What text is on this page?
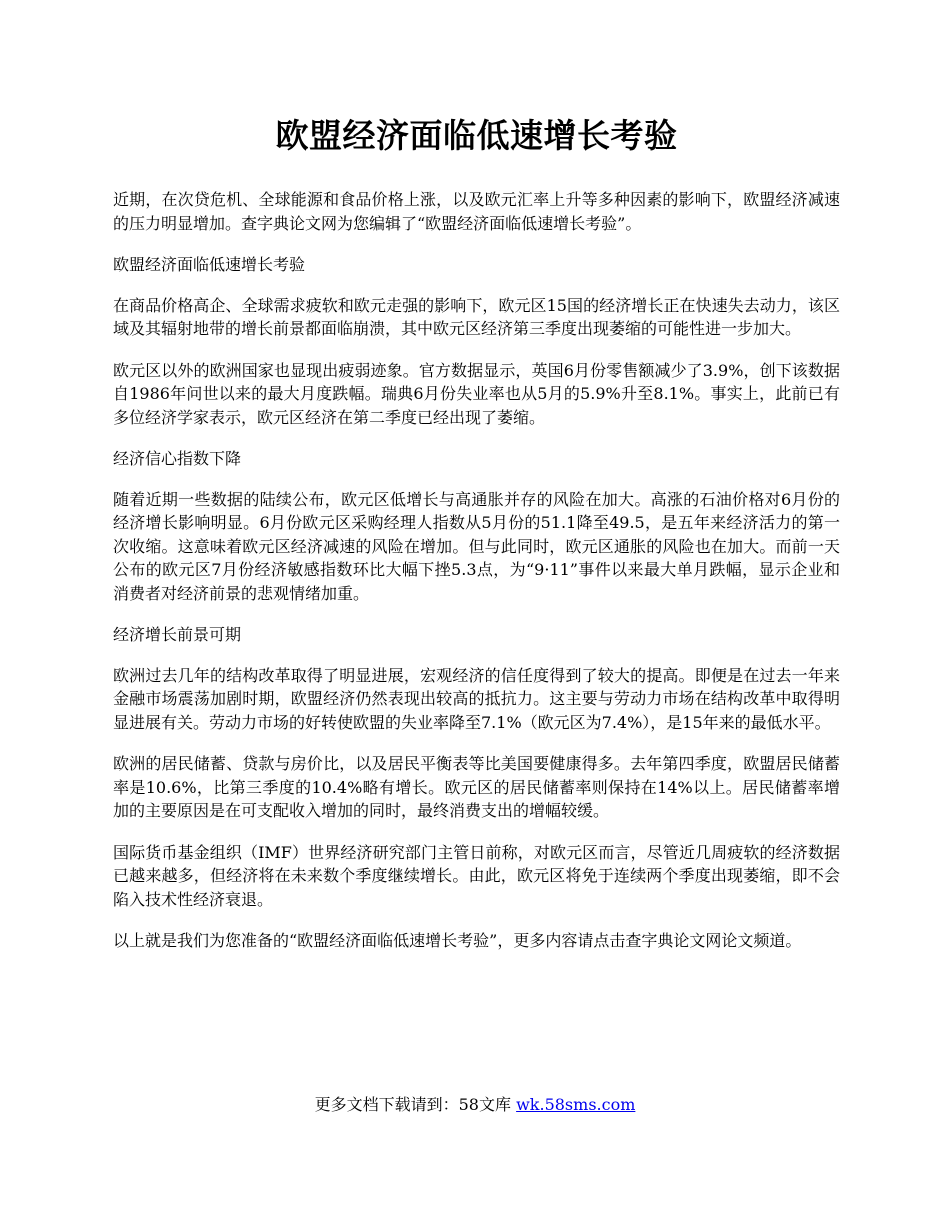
欧盟经济面临低速增长考验

近期，在次贷危机、全球能源和食品价格上涨，以及欧元汇率上升等多种因素的影响下，欧盟经济减速的压力明显增加。查字典论文网为您编辑了“欧盟经济面临低速增长考验”。

欧盟经济面临低速增长考验

在商品价格高企、全球需求疲软和欧元走强的影响下，欧元区15国的经济增长正在快速失去动力，该区域及其辐射地带的增长前景都面临崩溃，其中欧元区经济第三季度出现萎缩的可能性进一步加大。

欧元区以外的欧洲国家也显现出疲弱迹象。官方数据显示，英国6月份零售额减少了3.9%，创下该数据自1986年问世以来的最大月度跌幅。瑞典6月份失业率也从5月的5.9%升至8.1%。事实上，此前已有多位经济学家表示，欧元区经济在第二季度已经出现了萎缩。

经济信心指数下降

随着近期一些数据的陆续公布，欧元区低增长与高通胀并存的风险在加大。高涨的石油价格对6月份的经济增长影响明显。6月份欧元区采购经理人指数从5月份的51.1降至49.5，是五年来经济活力的第一次收缩。这意味着欧元区经济减速的风险在增加。但与此同时，欧元区通胀的风险也在加大。而前一天公布的欧元区7月份经济敏感指数环比大幅下挫5.3点，为“9·11”事件以来最大单月跌幅，显示企业和消费者对经济前景的悲观情绪加重。

经济增长前景可期

欧洲过去几年的结构改革取得了明显进展，宏观经济的信任度得到了较大的提高。即便是在过去一年来金融市场震荡加剧时期，欧盟经济仍然表现出较高的抵抗力。这主要与劳动力市场在结构改革中取得明显进展有关。劳动力市场的好转使欧盟的失业率降至7.1%（欧元区为7.4%），是15年来的最低水平。

欧洲的居民储蓄、贷款与房价比，以及居民平衡表等比美国要健康得多。去年第四季度，欧盟居民储蓄率是10.6%，比第三季度的10.4%略有增长。欧元区的居民储蓄率则保持在14%以上。居民储蓄率增加的主要原因是在可支配收入增加的同时，最终消费支出的增幅较缓。

国际货币基金组织（IMF）世界经济研究部门主管日前称，对欧元区而言，尽管近几周疲软的经济数据已越来越多，但经济将在未来数个季度继续增长。由此，欧元区将免于连续两个季度出现萎缩，即不会陷入技术性经济衰退。

以上就是我们为您准备的“欧盟经济面临低速增长考验”，更多内容请点击查字典论文网论文频道。

更多文档下载请到：58文库 wk.58sms.com
